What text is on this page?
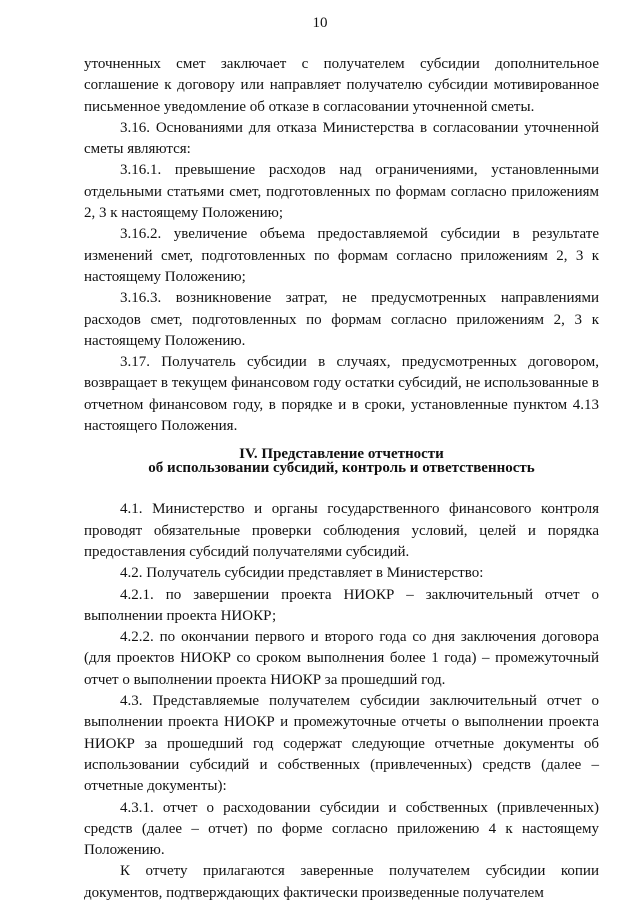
10

уточненных смет заключает с получателем субсидии дополнительное соглашение к договору или направляет получателю субсидии мотивированное письменное уведомление об отказе в согласовании уточненной сметы.

3.16. Основаниями для отказа Министерства в согласовании уточненной сметы являются:

3.16.1. превышение расходов над ограничениями, установленными отдельными статьями смет, подготовленных по формам согласно приложениям 2, 3 к настоящему Положению;

3.16.2. увеличение объема предоставляемой субсидии в результате изменений смет, подготовленных по формам согласно приложениям 2, 3 к настоящему Положению;

3.16.3. возникновение затрат, не предусмотренных направлениями расходов смет, подготовленных по формам согласно приложениям 2, 3 к настоящему Положению.

3.17. Получатель субсидии в случаях, предусмотренных договором, возвращает в текущем финансовом году остатки субсидий, не использованные в отчетном финансовом году, в порядке и в сроки, установленные пунктом 4.13 настоящего Положения.

IV. Представление отчетности
об использовании субсидий, контроль и ответственность

4.1. Министерство и органы государственного финансового контроля проводят обязательные проверки соблюдения условий, целей и порядка предоставления субсидий получателями субсидий.

4.2. Получатель субсидии представляет в Министерство:

4.2.1. по завершении проекта НИОКР – заключительный отчет о выполнении проекта НИОКР;

4.2.2. по окончании первого и второго года со дня заключения договора (для проектов НИОКР со сроком выполнения более 1 года) – промежуточный отчет о выполнении проекта НИОКР за прошедший год.

4.3. Представляемые получателем субсидии заключительный отчет о выполнении проекта НИОКР и промежуточные отчеты о выполнении проекта НИОКР за прошедший год содержат следующие отчетные документы об использовании субсидий и собственных (привлеченных) средств (далее – отчетные документы):

4.3.1. отчет о расходовании субсидии и собственных (привлеченных) средств (далее – отчет) по форме согласно приложению 4 к настоящему Положению.

К отчету прилагаются заверенные получателем субсидии копии документов, подтверждающих фактически произведенные получателем
